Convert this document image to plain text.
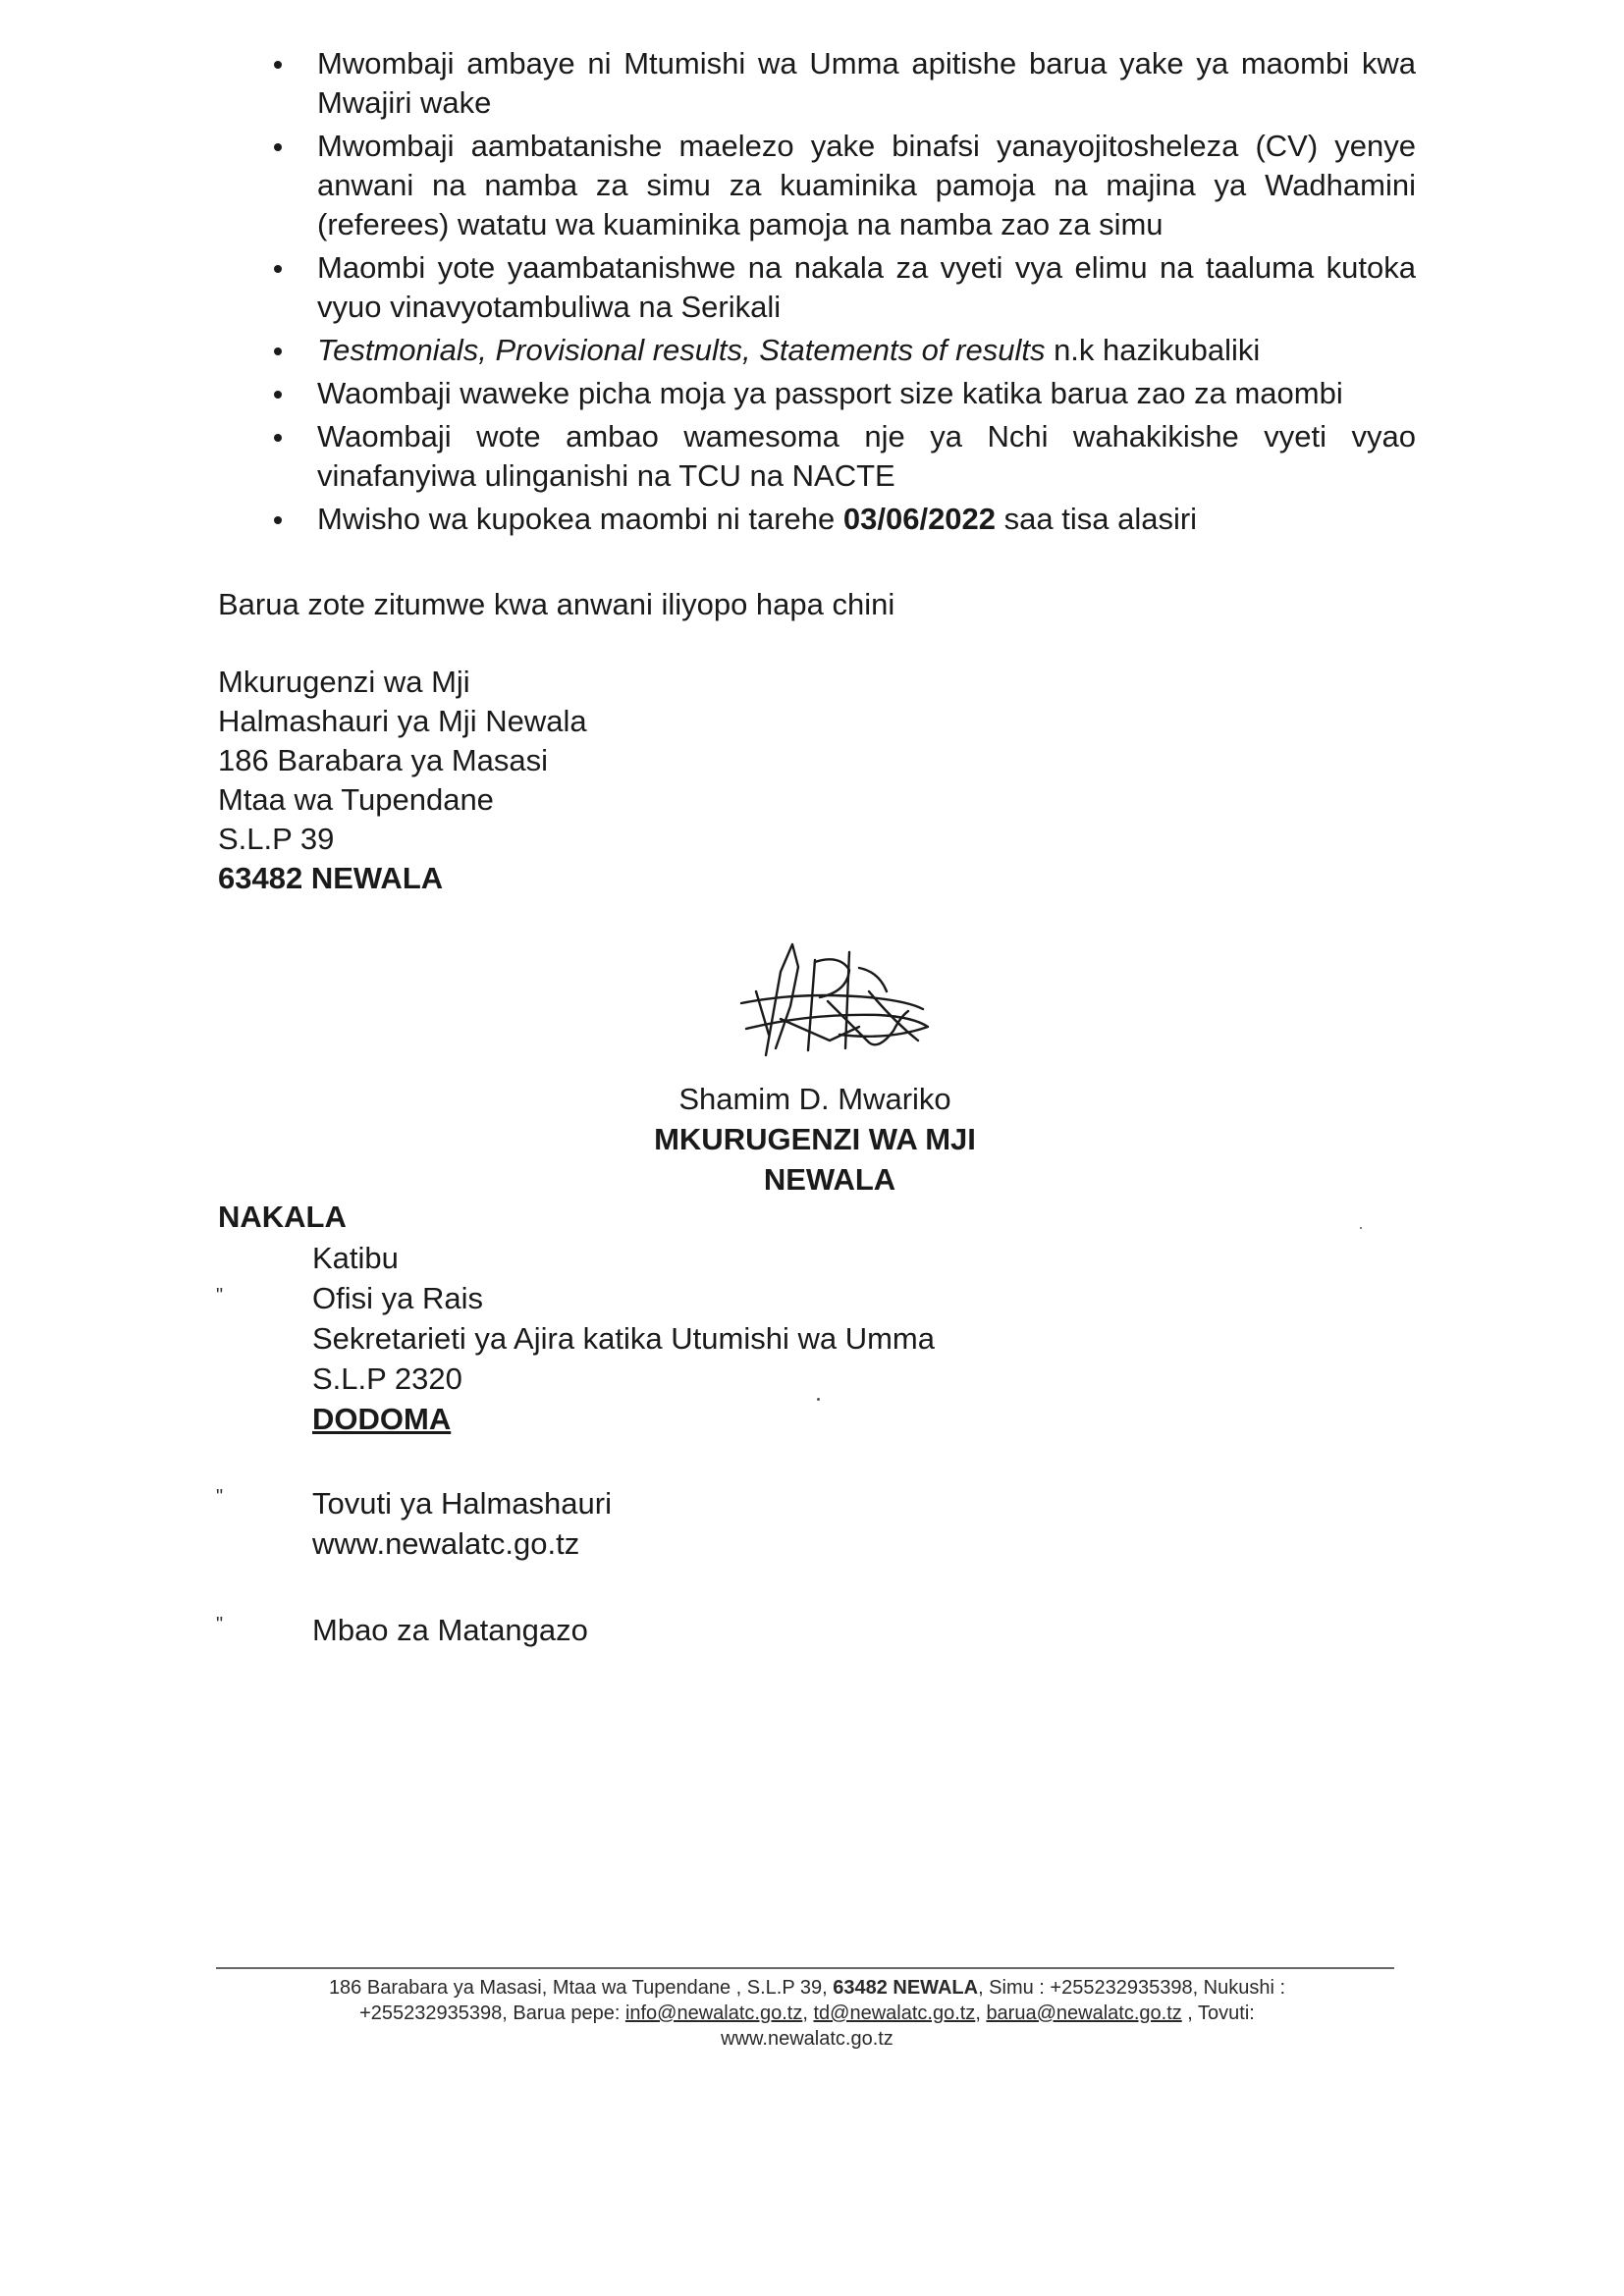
Mwombaji ambaye ni Mtumishi wa Umma apitishe barua yake ya maombi kwa Mwajiri wake
Mwombaji aambatanishe maelezo yake binafsi yanayojitosheleza (CV) yenye anwani na namba za simu za kuaminika pamoja na majina ya Wadhamini (referees) watatu wa kuaminika pamoja na namba zao za simu
Maombi yote yaambatanishwe na nakala za vyeti vya elimu na taaluma kutoka vyuo vinavyotambuliwa na Serikali
Testmonials, Provisional results, Statements of results n.k hazikubaliki
Waombaji waweke picha moja ya passport size katika barua zao za maombi
Waombaji wote ambao wamesoma nje ya Nchi wahakikishe vyeti vyao vinafanyiwa ulinganishi na TCU na NACTE
Mwisho wa kupokea maombi ni tarehe 03/06/2022 saa tisa alasiri
Barua zote zitumwe kwa anwani iliyopo hapa chini
Mkurugenzi wa Mji
Halmashauri ya Mji Newala
186 Barabara ya Masasi
Mtaa wa Tupendane
S.L.P 39
63482 NEWALA
Shamim D. Mwariko
MKURUGENZI WA MJI
NEWALA
NAKALA
Katibu
Ofisi ya Rais
Sekretarieti ya Ajira katika Utumishi wa Umma
S.L.P 2320
DODOMA
"
"	Tovuti ya Halmashauri
www.newalatc.go.tz
"	Mbao za Matangazo
186 Barabara ya Masasi, Mtaa wa Tupendane , S.L.P 39, 63482 NEWALA, Simu : +255232935398, Nukushi :
+255232935398, Barua pepe: info@newalatc.go.tz, td@newalatc.go.tz, barua@newalatc.go.tz , Tovuti:
www.newalatc.go.tz
